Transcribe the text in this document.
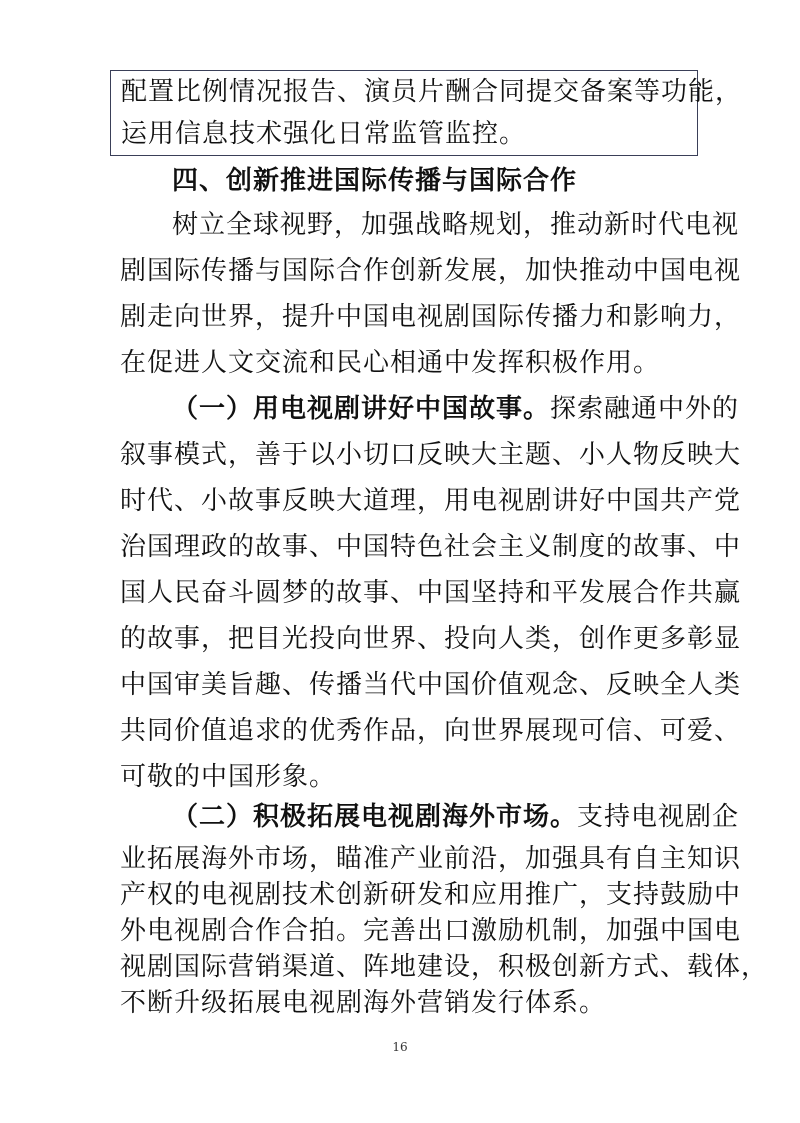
配置比例情况报告、演员片酬合同提交备案等功能，
运用信息技术强化日常监管监控。
四、创新推进国际传播与国际合作
树立全球视野，加强战略规划，推动新时代电视
剧国际传播与国际合作创新发展，加快推动中国电视
剧走向世界，提升中国电视剧国际传播力和影响力，
在促进人文交流和民心相通中发挥积极作用。
（一）用电视剧讲好中国故事。探索融通中外的
叙事模式，善于以小切口反映大主题、小人物反映大
时代、小故事反映大道理，用电视剧讲好中国共产党
治国理政的故事、中国特色社会主义制度的故事、中
国人民奋斗圆梦的故事、中国坚持和平发展合作共赢
的故事，把目光投向世界、投向人类，创作更多彰显
中国审美旨趣、传播当代中国价值观念、反映全人类
共同价值追求的优秀作品，向世界展现可信、可爱、
可敬的中国形象。
（二）积极拓展电视剧海外市场。支持电视剧企
业拓展海外市场，瞄准产业前沿，加强具有自主知识
产权的电视剧技术创新研发和应用推广，支持鼓励中
外电视剧合作合拍。完善出口激励机制，加强中国电
视剧国际营销渠道、阵地建设，积极创新方式、载体，
16
不断升级拓展电视剧海外营销发行体系。
